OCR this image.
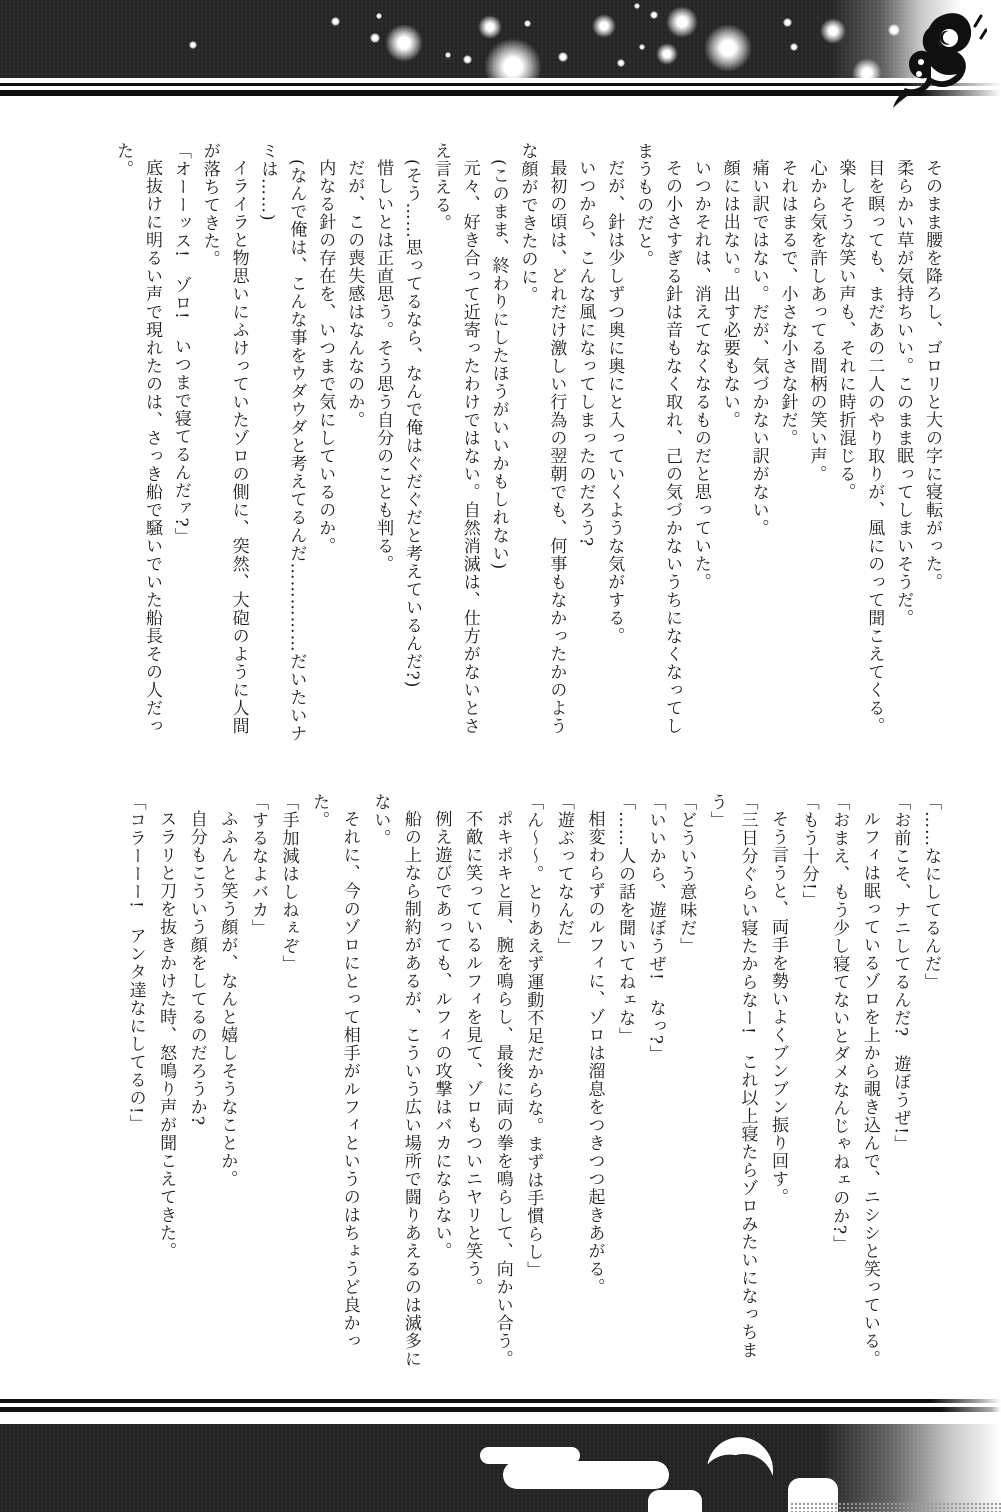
そのまま腰を降ろし、ゴロリと大の字に寝転がった。

柔らかい草が気持ちいい。このまま眠ってしまいそうだ。

目を瞑っても、まだあの二人のやり取りが、風にのって聞こえてくる。

楽しそうな笑い声も、それに時折混じる。

心から気を許しあってる間柄の笑い声。

それはまるで、小さな小さな針だ。

痛い訳ではない。だが、気づかない訳がない。

顔には出ない。出す必要もない。

いつかそれは、消えてなくなるものだと思っていた。

その小さすぎる針は音もなく取れ、己の気づかないうちになくなってしまうものだと。

だが、針は少しずつ奥に奥にと入っていくような気がする。

いつから、こんな風になってしまったのだろう?

最初の頃は、どれだけ激しい行為の翌朝でも、何事もなかったかのような顔ができたのに。

(このまま、終わりにしたほうがいいかもしれない)

元々、好き合って近寄ったわけではない。自然消滅は、仕方がないとさえ言える。

(そう……思ってるなら、なんで俺はぐだぐだと考えているんだ?)

惜しいとは正直思う。そう思う自分のことも判る。

だが、この喪失感はなんなのか。

内なる針の存在を、いつまで気にしているのか。

(なんで俺は、こんな事をウダウダと考えてるんだ……………だいたいナミは……)

イライラと物思いにふけっていたゾロの側に、突然、大砲のように人間が落ちてきた。

「オーーッス!　ゾロ!　いつまで寝てるんだァ?」

底抜けに明るい声で現れたのは、さっき船で騒いでいた船長その人だった。

「……なにしてるんだ」

「お前こそ、ナニしてるんだ?　遊ぼうぜ!」

ルフィは眠っているゾロを上から覗き込んで、ニシシと笑っている。

「おまえ、もう少し寝てないとダメなんじゃねェのか?」

「もう十分!」

そう言うと、両手を勢いよくブンブン振り回す。

「三日分ぐらい寝たからなー!　これ以上寝たらゾロみたいになっちまう」

「どういう意味だ」

「いいから、遊ぼうぜ!　なっ?」

「……人の話を聞いてねェな」

相変わらずのルフィに、ゾロは溜息をつきつつ起きあがる。

「遊ぶってなんだ」

「ん〜〜。とりあえず運動不足だからな。まずは手慣らし」

ポキポキと肩、腕を鳴らし、最後に両の拳を鳴らして、向かい合う。

不敵に笑っているルフィを見て、ゾロもついニヤリと笑う。

例え遊びであっても、ルフィの攻撃はバカにならない。

船の上なら制約があるが、こういう広い場所で闘りあえるのは滅多にない。

それに、今のゾロにとって相手がルフィというのはちょうど良かった。

「手加減はしねぇぞ」

「するなよバカ」

ふふんと笑う顔が、なんと嬉しそうなことか。

自分もこういう顔をしてるのだろうか?

スラリと刀を抜きかけた時、怒鳴り声が聞こえてきた。

「コラーーー!　アンタ達なにしてるの!」
